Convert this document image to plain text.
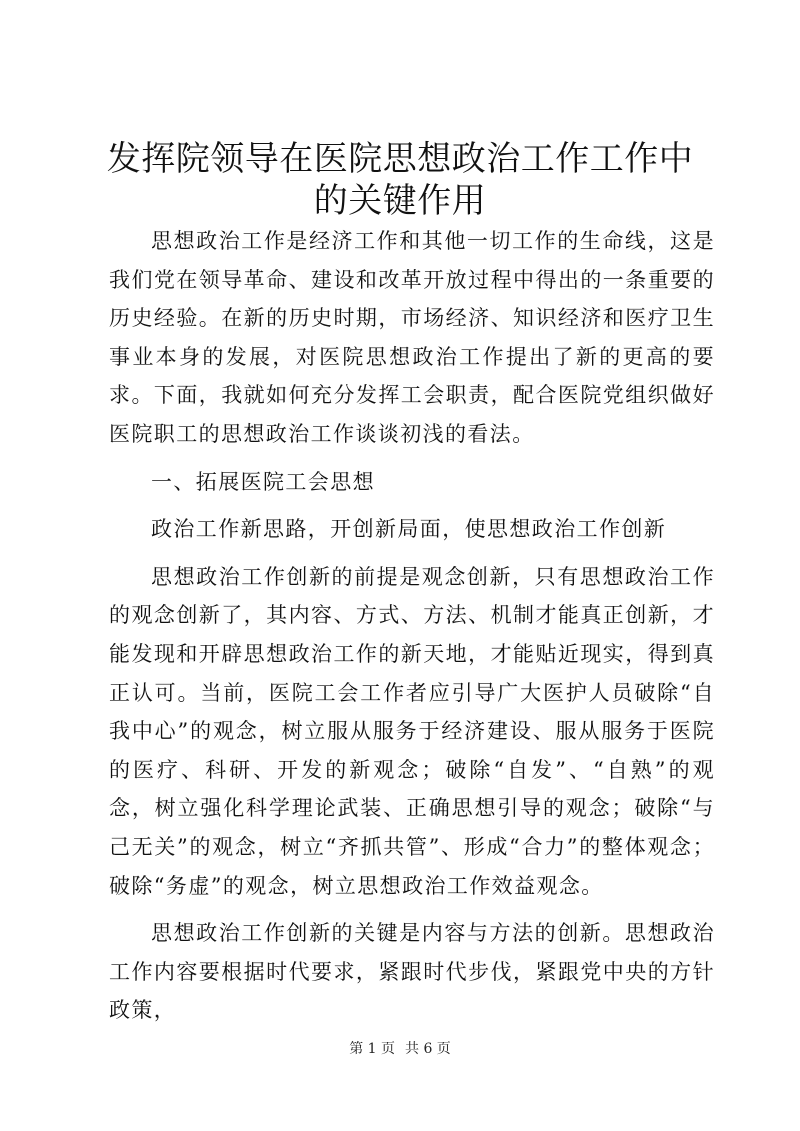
发挥院领导在医院思想政治工作工作中的关键作用

思想政治工作是经济工作和其他一切工作的生命线，这是我们党在领导革命、建设和改革开放过程中得出的一条重要的历史经验。在新的历史时期，市场经济、知识经济和医疗卫生事业本身的发展，对医院思想政治工作提出了新的更高的要求。下面，我就如何充分发挥工会职责，配合医院党组织做好医院职工的思想政治工作谈谈初浅的看法。

一、拓展医院工会思想

政治工作新思路，开创新局面，使思想政治工作创新

思想政治工作创新的前提是观念创新，只有思想政治工作的观念创新了，其内容、方式、方法、机制才能真正创新，才能发现和开辟思想政治工作的新天地，才能贴近现实，得到真正认可。当前，医院工会工作者应引导广大医护人员破除“自我中心”的观念，树立服从服务于经济建设、服从服务于医院的医疗、科研、开发的新观念；破除“自发”、“自熟”的观念，树立强化科学理论武装、正确思想引导的观念；破除“与己无关”的观念，树立“齐抓共管”、形成“合力”的整体观念；破除“务虚”的观念，树立思想政治工作效益观念。

思想政治工作创新的关键是内容与方法的创新。思想政治工作内容要根据时代要求，紧跟时代步伐，紧跟党中央的方针政策，

第 1 页 共 6 页
